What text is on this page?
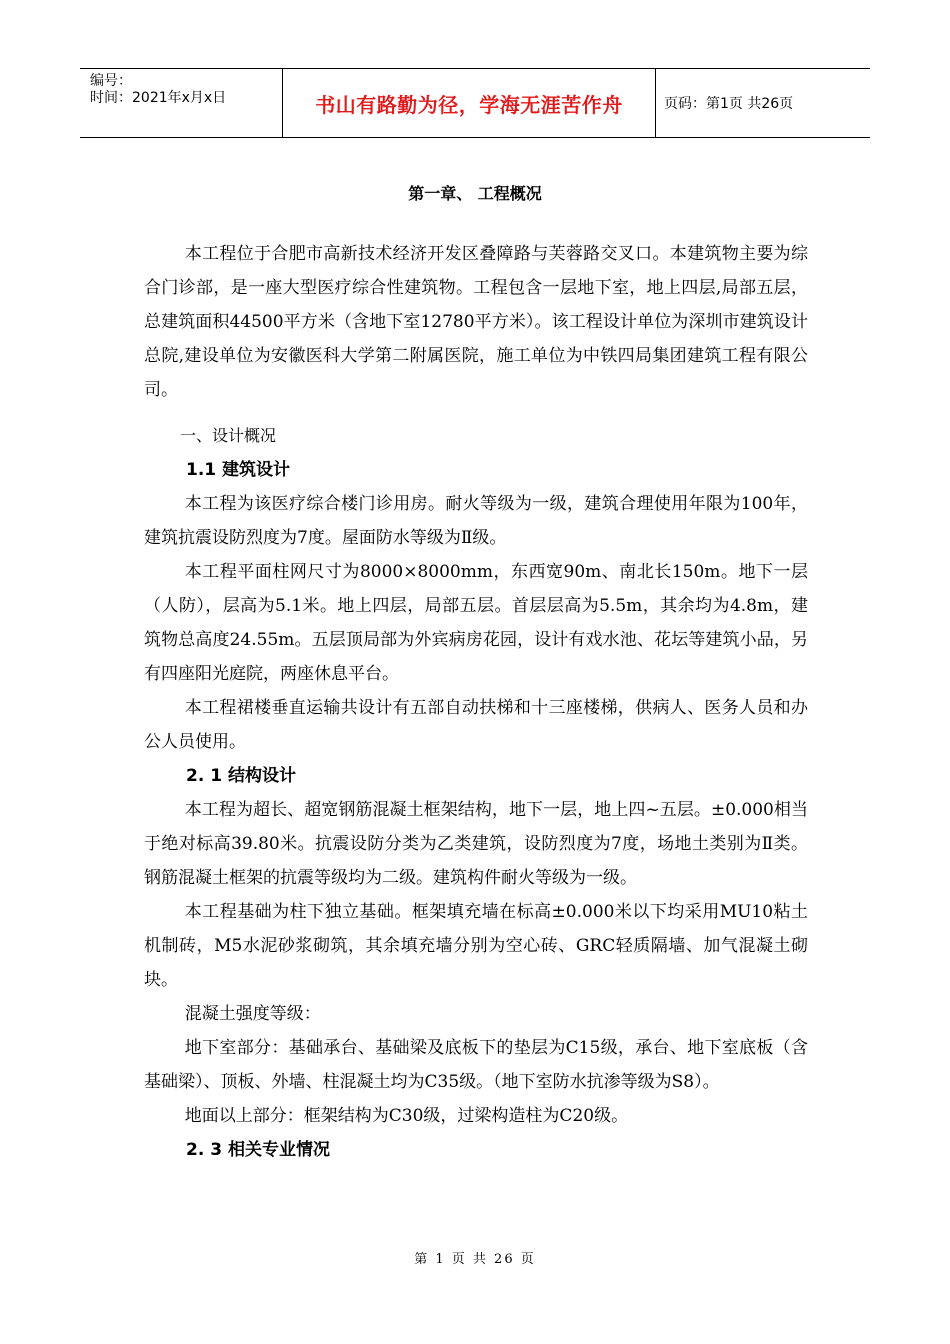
编号：
时间：2021年x月x日	书山有路勤为径，学海无涯苦作舟	页码：第1页 共26页
第一章、 工程概况

本工程位于合肥市高新技术经济开发区叠障路与芙蓉路交叉口。本建筑物主要为综合门诊部，是一座大型医疗综合性建筑物。工程包含一层地下室，地上四层,局部五层，总建筑面积44500平方米（含地下室12780平方米）。该工程设计单位为深圳市建筑设计总院,建设单位为安徽医科大学第二附属医院，施工单位为中铁四局集团建筑工程有限公司。

一、设计概况

1.1 建筑设计

本工程为该医疗综合楼门诊用房。耐火等级为一级，建筑合理使用年限为100年，建筑抗震设防烈度为7度。屋面防水等级为Ⅱ级。

本工程平面柱网尺寸为8000×8000mm，东西宽90m、南北长150m。地下一层（人防），层高为5.1米。地上四层，局部五层。首层层高为5.5m，其余均为4.8m，建筑物总高度24.55m。五层顶局部为外宾病房花园，设计有戏水池、花坛等建筑小品，另有四座阳光庭院，两座休息平台。

本工程裙楼垂直运输共设计有五部自动扶梯和十三座楼梯，供病人、医务人员和办公人员使用。

2. 1 结构设计

本工程为超长、超宽钢筋混凝土框架结构，地下一层，地上四~五层。±0.000相当于绝对标高39.80米。抗震设防分类为乙类建筑，设防烈度为7度，场地土类别为Ⅱ类。钢筋混凝土框架的抗震等级均为二级。建筑构件耐火等级为一级。

本工程基础为柱下独立基础。框架填充墙在标高±0.000米以下均采用MU10粘土机制砖，M5水泥砂浆砌筑，其余填充墙分别为空心砖、GRC轻质隔墙、加气混凝土砌块。

混凝土强度等级：

地下室部分：基础承台、基础梁及底板下的垫层为C15级，承台、地下室底板（含基础梁）、顶板、外墙、柱混凝土均为C35级。（地下室防水抗渗等级为S8）。

地面以上部分：框架结构为C30级，过梁构造柱为C20级。

2. 3 相关专业情况

第 1 页 共 26 页
